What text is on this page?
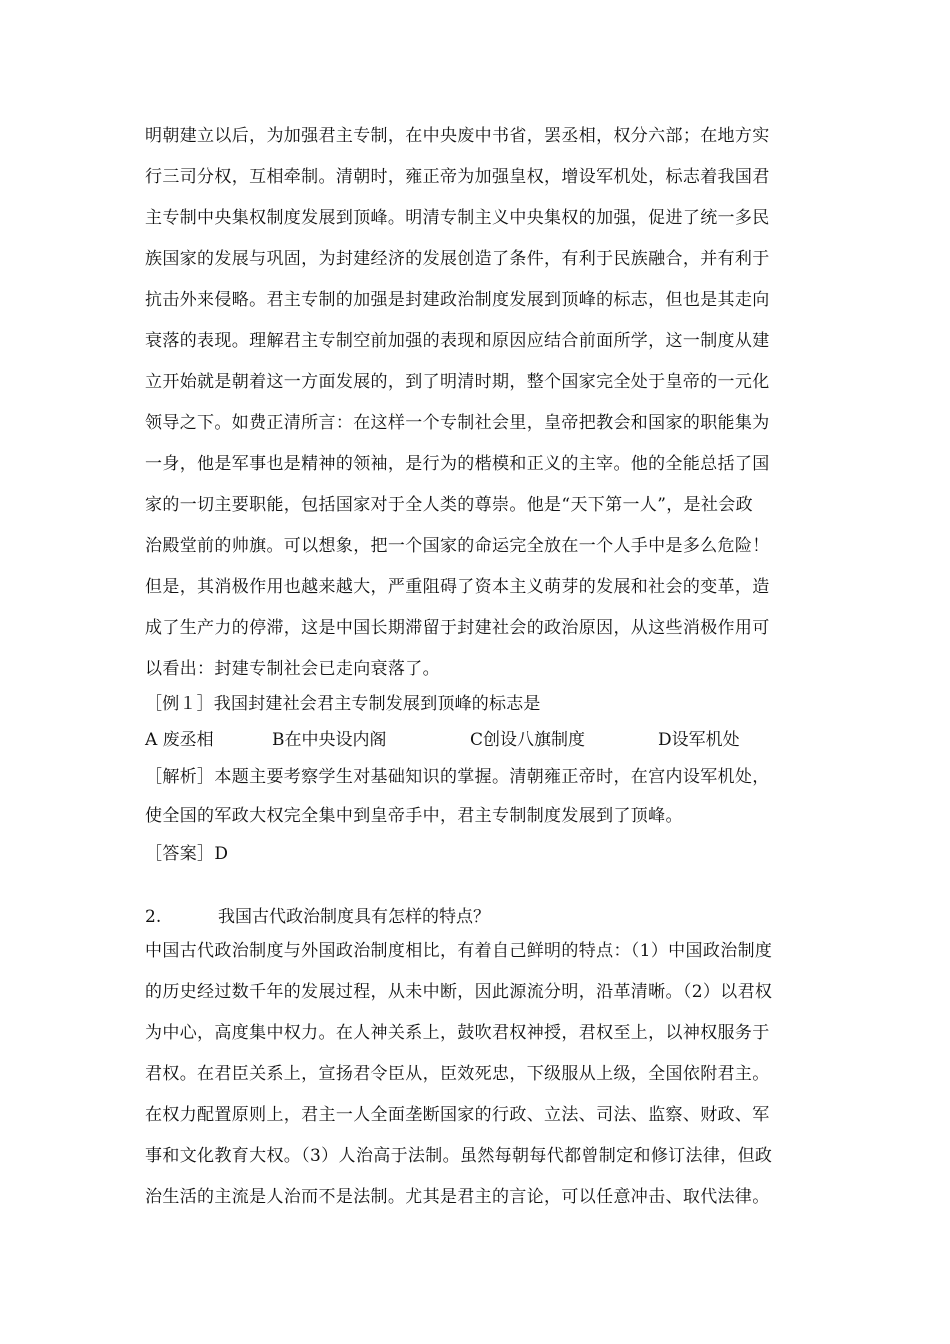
明朝建立以后，为加强君主专制，在中央废中书省，罢丞相，权分六部；在地方实
行三司分权，互相牵制。清朝时，雍正帝为加强皇权，增设军机处，标志着我国君
主专制中央集权制度发展到顶峰。明清专制主义中央集权的加强，促进了统一多民
族国家的发展与巩固，为封建经济的发展创造了条件，有利于民族融合，并有利于
抗击外来侵略。君主专制的加强是封建政治制度发展到顶峰的标志，但也是其走向
衰落的表现。理解君主专制空前加强的表现和原因应结合前面所学，这一制度从建
立开始就是朝着这一方面发展的，到了明清时期，整个国家完全处于皇帝的一元化
领导之下。如费正清所言：在这样一个专制社会里，皇帝把教会和国家的职能集为
一身，他是军事也是精神的领袖，是行为的楷模和正义的主宰。他的全能总括了国
家的一切主要职能，包括国家对于全人类的尊崇。他是“天下第一人”，是社会政
治殿堂前的帅旗。可以想象，把一个国家的命运完全放在一个人手中是多么危险！
但是，其消极作用也越来越大，严重阻碍了资本主义萌芽的发展和社会的变革，造
成了生产力的停滞，这是中国长期滞留于封建社会的政治原因，从这些消极作用可
以看出：封建专制社会已走向衰落了。
［例１］我国封建社会君主专制发展到顶峰的标志是
A 废丞相	B在中央设内阁	C创设八旗制度	D设军机处
［解析］本题主要考察学生对基础知识的掌握。清朝雍正帝时，在宫内设军机处，
使全国的军政大权完全集中到皇帝手中，君主专制制度发展到了顶峰。
［答案］D
2.	我国古代政治制度具有怎样的特点？
中国古代政治制度与外国政治制度相比，有着自己鲜明的特点：（1）中国政治制度
的历史经过数千年的发展过程，从未中断，因此源流分明，沿革清晰。（2）以君权
为中心，高度集中权力。在人神关系上，鼓吹君权神授，君权至上，以神权服务于
君权。在君臣关系上，宣扬君令臣从，臣效死忠，下级服从上级，全国依附君主。
在权力配置原则上，君主一人全面垄断国家的行政、立法、司法、监察、财政、军
事和文化教育大权。（3）人治高于法制。虽然每朝每代都曾制定和修订法律，但政
治生活的主流是人治而不是法制。尤其是君主的言论，可以任意冲击、取代法律。
